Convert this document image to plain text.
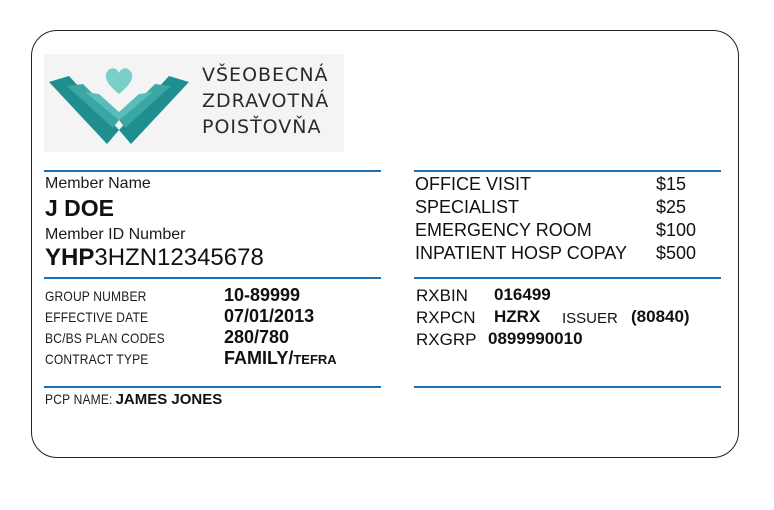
VŠEOBECNÁ
ZDRAVOTNÁ
POISŤOVŇA
Member Name
J DOE
Member ID Number
YHP3HZN12345678
GROUP NUMBER	10-89999
EFFECTIVE DATE	07/01/2013
BC/BS PLAN CODES	280/780
CONTRACT TYPE	FAMILY/TEFRA
PCP NAME: JAMES JONES
OFFICE VISIT	$15
SPECIALIST	$25
EMERGENCY ROOM	$100
INPATIENT HOSP COPAY $500
RXBIN 016499
RXPCN HZRX ISSUER (80840)
RXGRP 0899990010
